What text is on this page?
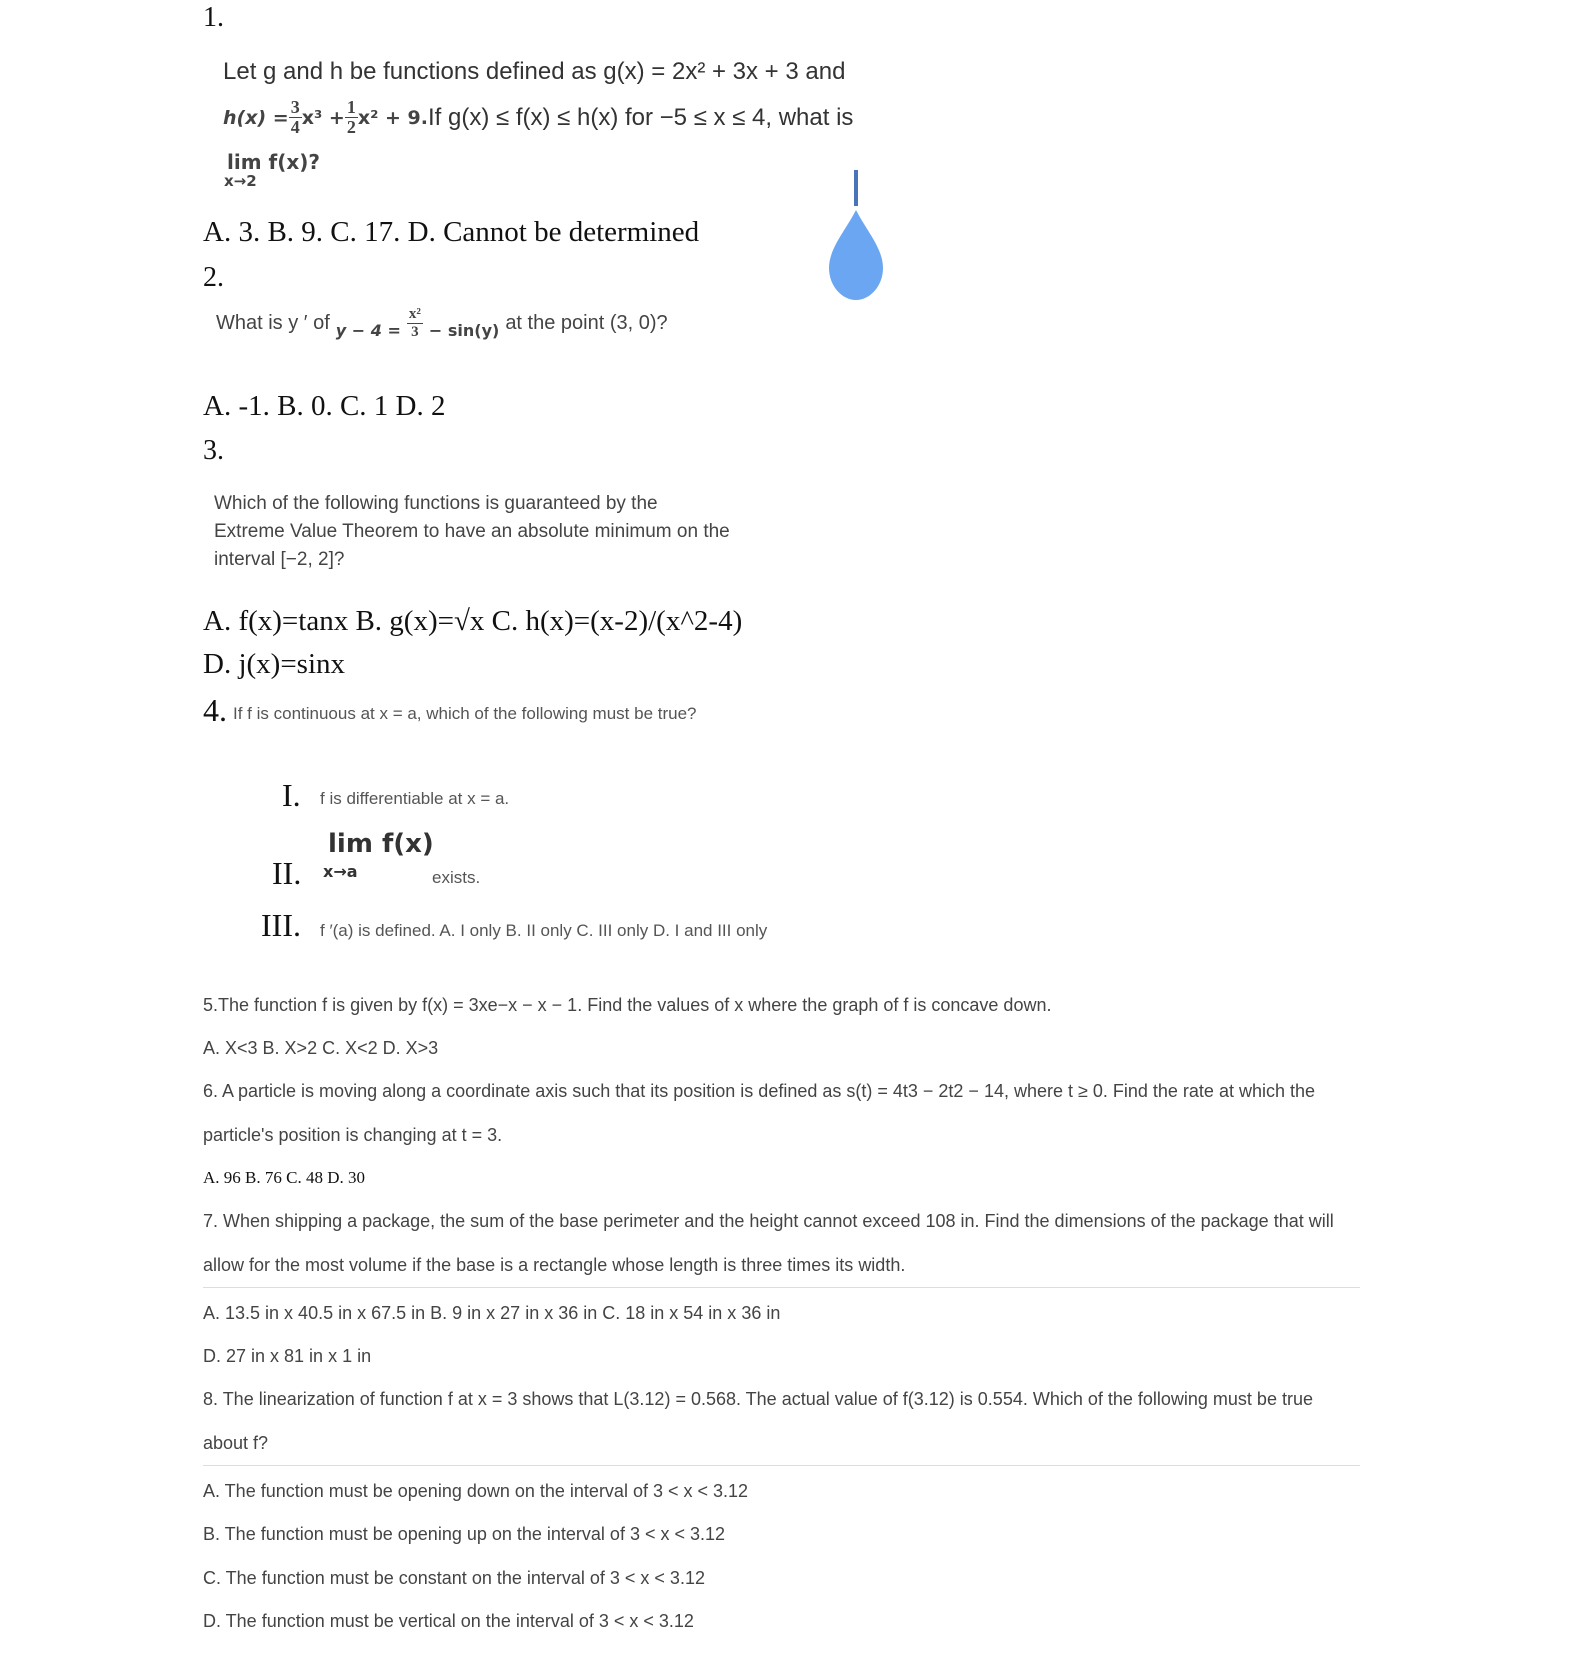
1.
Let g and h be functions defined as g(x) = 2x² + 3x + 3 and
$h(x) = \frac{3}{4} x^3 + \frac{1}{2} x^2 + 9$. If g(x) ≤ f(x) ≤ h(x) for −5 ≤ x ≤ 4, what is
lim f(x)?
x→2
A. 3. B. 9. C. 17. D. Cannot be determined
2.
What is y ′ of $y - 4 = \frac{\text{x²}}{3} - \sin(y)$ at the point (3, 0)?
A. -1. B. 0. C. 1 D. 2
3.
Which of the following functions is guaranteed by the
Extreme Value Theorem to have an absolute minimum on the
interval [−2, 2]?
A. f(x)=tanx B. g(x)=√x C. h(x)=(x-2)/(x^2-4)
D. j(x)=sinx
4. If f is continuous at x = a, which of the following must be true?
I. f is differentiable at x = a.
lim f(x)
x→a
II.	exists.
III. f ′(a) is defined. A. I only B. II only C. III only D. I and III only
5.The function f is given by f(x) = 3xe−x − x − 1. Find the values of x where the graph of f is concave down.
A. X<3 B. X>2 C. X<2 D. X>3
6. A particle is moving along a coordinate axis such that its position is defined as s(t) = 4t3 − 2t2 − 14, where t ≥ 0. Find the rate at which the
particle's position is changing at t = 3.
A. 96 B. 76 C. 48 D. 30
7. When shipping a package, the sum of the base perimeter and the height cannot exceed 108 in. Find the dimensions of the package that will
allow for the most volume if the base is a rectangle whose length is three times its width.
A. 13.5 in x 40.5 in x 67.5 in B. 9 in x 27 in x 36 in C. 18 in x 54 in x 36 in
D. 27 in x 81 in x 1 in
8. The linearization of function f at x = 3 shows that L(3.12) = 0.568. The actual value of f(3.12) is 0.554. Which of the following must be true
about f?
A. The function must be opening down on the interval of 3 < x < 3.12
B. The function must be opening up on the interval of 3 < x < 3.12
C. The function must be constant on the interval of 3 < x < 3.12
D. The function must be vertical on the interval of 3 < x < 3.12
